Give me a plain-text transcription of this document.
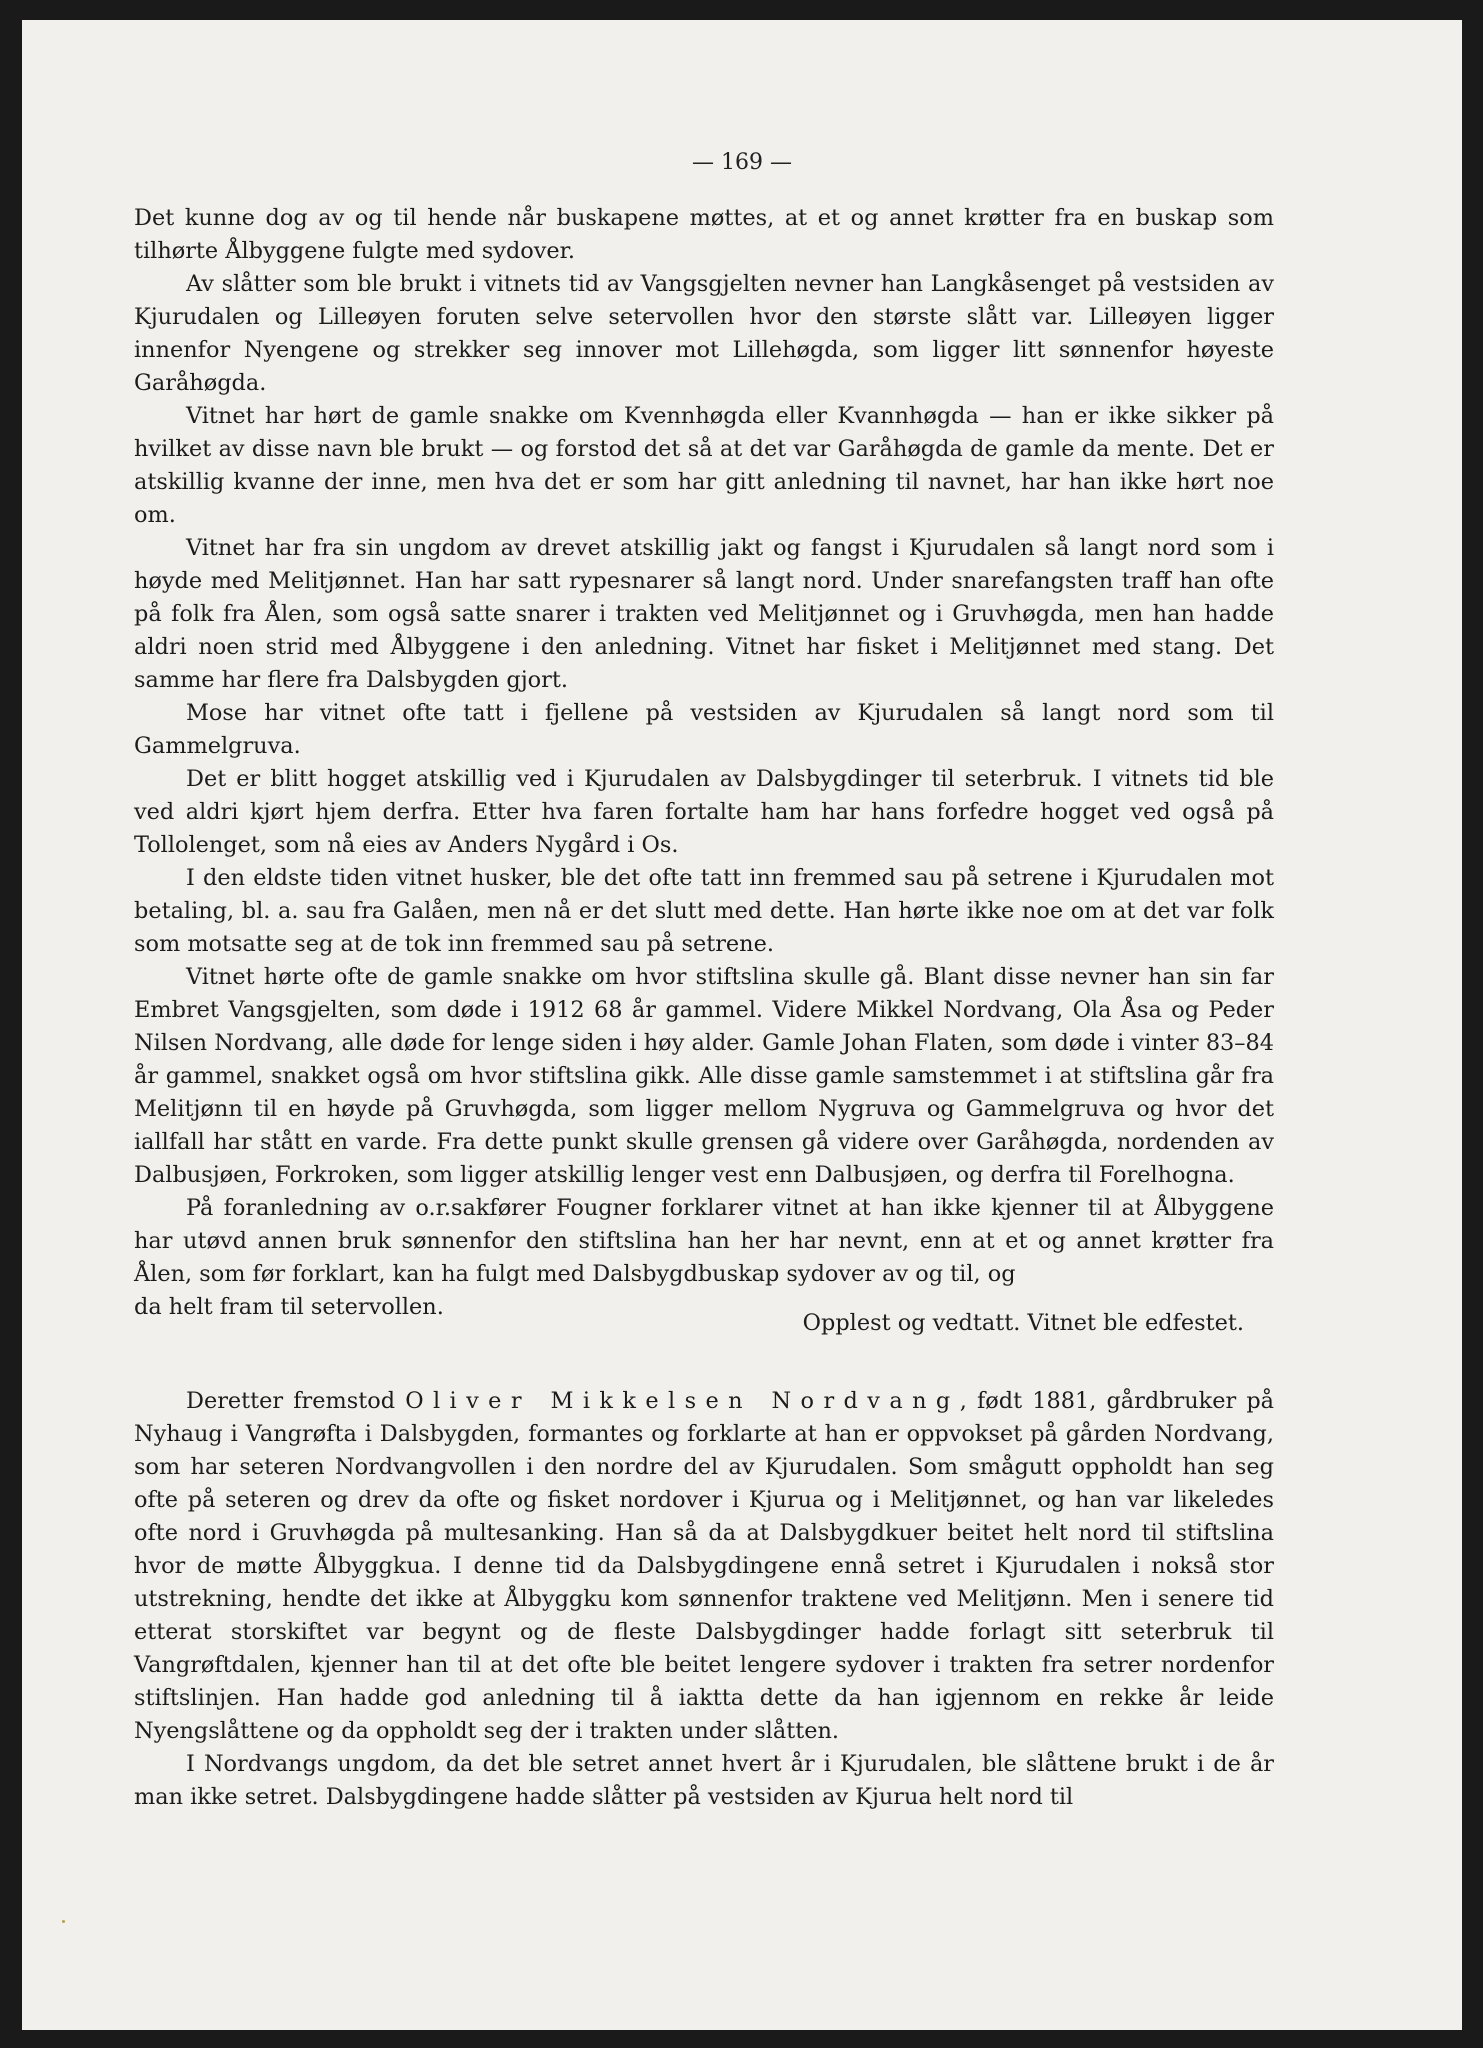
— 169 —

Det kunne dog av og til hende når buskapene møttes, at et og annet krøtter fra en buskap som tilhørte Ålbyggene fulgte med sydover.

Av slåtter som ble brukt i vitnets tid av Vangsgjelten nevner han Langkåsenget på vestsiden av Kjurudalen og Lilleøyen foruten selve setervollen hvor den største slått var. Lilleøyen ligger innenfor Nyengene og strekker seg innover mot Lillehøgda, som ligger litt sønnenfor høyeste Garåhøgda.

Vitnet har hørt de gamle snakke om Kvennhøgda eller Kvannhøgda — han er ikke sikker på hvilket av disse navn ble brukt — og forstod det så at det var Garåhøgda de gamle da mente. Det er atskillig kvanne der inne, men hva det er som har gitt anledning til navnet, har han ikke hørt noe om.

Vitnet har fra sin ungdom av drevet atskillig jakt og fangst i Kjurudalen så langt nord som i høyde med Melitjønnet. Han har satt rypesnarer så langt nord. Under snarefangsten traff han ofte på folk fra Ålen, som også satte snarer i trakten ved Melitjønnet og i Gruvhøgda, men han hadde aldri noen strid med Ålbyggene i den anledning. Vitnet har fisket i Melitjønnet med stang. Det samme har flere fra Dalsbygden gjort.

Mose har vitnet ofte tatt i fjellene på vestsiden av Kjurudalen så langt nord som til Gammelgruva.

Det er blitt hogget atskillig ved i Kjurudalen av Dalsbygdinger til seterbruk. I vitnets tid ble ved aldri kjørt hjem derfra. Etter hva faren fortalte ham har hans forfedre hogget ved også på Tollolenget, som nå eies av Anders Nygård i Os.

I den eldste tiden vitnet husker, ble det ofte tatt inn fremmed sau på setrene i Kjurudalen mot betaling, bl. a. sau fra Galåen, men nå er det slutt med dette. Han hørte ikke noe om at det var folk som motsatte seg at de tok inn fremmed sau på setrene.

Vitnet hørte ofte de gamle snakke om hvor stiftslina skulle gå. Blant disse nevner han sin far Embret Vangsgjelten, som døde i 1912 68 år gammel. Videre Mikkel Nordvang, Ola Åsa og Peder Nilsen Nordvang, alle døde for lenge siden i høy alder. Gamle Johan Flaten, som døde i vinter 83–84 år gammel, snakket også om hvor stiftslina gikk. Alle disse gamle samstemmet i at stiftslina går fra Melitjønn til en høyde på Gruvhøgda, som ligger mellom Nygruva og Gammelgruva og hvor det iallfall har stått en varde. Fra dette punkt skulle grensen gå videre over Garåhøgda, nordenden av Dalbusjøen, Forkroken, som ligger atskillig lenger vest enn Dalbusjøen, og derfra til Forelhogna.

På foranledning av o.r.sakfører Fougner forklarer vitnet at han ikke kjenner til at Ålbyggene har utøvd annen bruk sønnenfor den stiftslina han her har nevnt, enn at et og annet krøtter fra Ålen, som før forklart, kan ha fulgt med Dalsbygdbuskap sydover av og til, og

da helt fram til setervollen.

Opplest og vedtatt. Vitnet ble edfestet.

Deretter fremstod Oliver Mikkelsen Nordvang, født 1881, gårdbruker på Nyhaug i Vangrøfta i Dalsbygden, formantes og forklarte at han er oppvokset på gården Nordvang, som har seteren Nordvangvollen i den nordre del av Kjurudalen. Som smågutt oppholdt han seg ofte på seteren og drev da ofte og fisket nordover i Kjurua og i Melitjønnet, og han var likeledes ofte nord i Gruvhøgda på multesanking. Han så da at Dalsbygdkuer beitet helt nord til stiftslina hvor de møtte Ålbyggkua. I denne tid da Dalsbygdingene ennå setret i Kjurudalen i nokså stor utstrekning, hendte det ikke at Ålbyggku kom sønnenfor traktene ved Melitjønn. Men i senere tid etterat storskiftet var begynt og de fleste Dalsbygdinger hadde forlagt sitt seterbruk til Vangrøftdalen, kjenner han til at det ofte ble beitet lengere sydover i trakten fra setrer nordenfor stiftslinjen. Han hadde god anledning til å iaktta dette da han igjennom en rekke år leide Nyengslåttene og da oppholdt seg der i trakten under slåtten.

I Nordvangs ungdom, da det ble setret annet hvert år i Kjurudalen, ble slåttene brukt i de år man ikke setret. Dalsbygdingene hadde slåtter på vestsiden av Kjurua helt nord til
